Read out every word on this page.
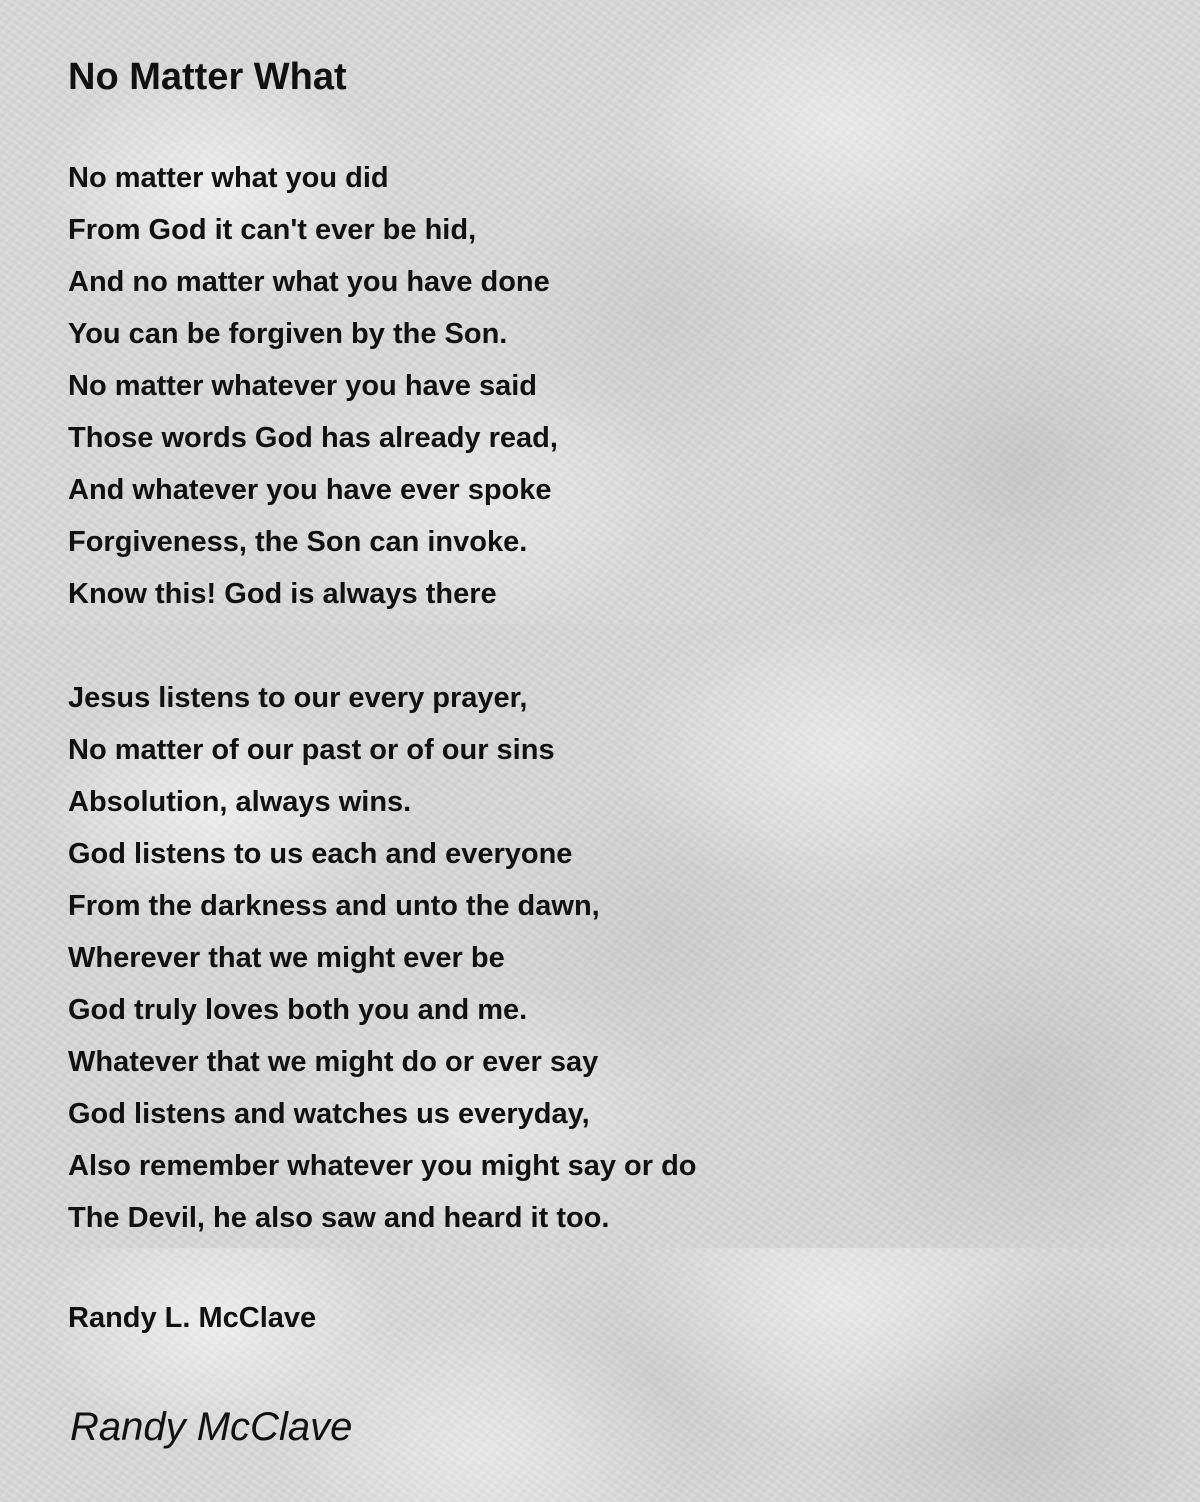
No Matter What
No matter what you did
From God it can't ever be hid,
And no matter what you have done
You can be forgiven by the Son.
No matter whatever you have said
Those words God has already read,
And whatever you have ever spoke
Forgiveness, the Son can invoke.
Know this! God is always there
Jesus listens to our every prayer,
No matter of our past or of our sins
Absolution, always wins.
God listens to us each and everyone
From the darkness and unto the dawn,
Wherever that we might ever be
God truly loves both you and me.
Whatever that we might do or ever say
God listens and watches us everyday,
Also remember whatever you might say or do
The Devil, he also saw and heard it too.
Randy L. McClave
Randy McClave
